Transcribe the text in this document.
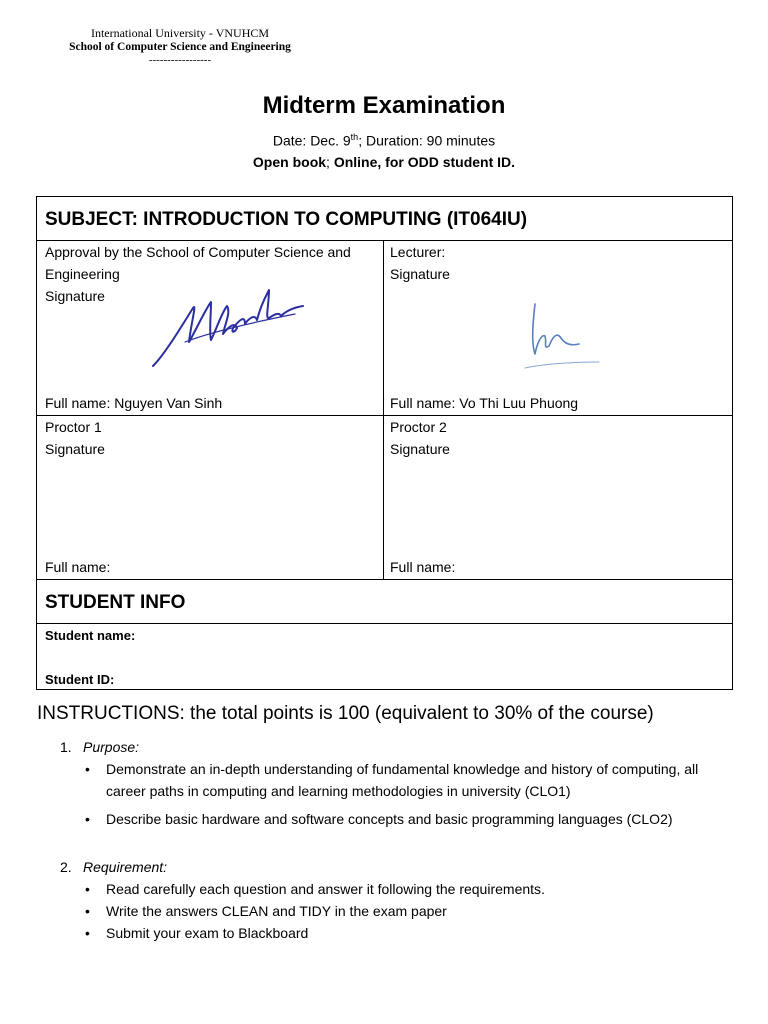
International University - VNUHCM
School of Computer Science and Engineering
-----------------
Midterm Examination
Date: Dec. 9th; Duration: 90 minutes
Open book; Online, for ODD student ID.
SUBJECT: INTRODUCTION TO COMPUTING (IT064IU)
Approval by the School of Computer Science and Engineering
Signature
Full name: Nguyen Van Sinh
Lecturer:
Signature
Full name: Vo Thi Luu Phuong
Proctor 1
Signature
Full name:
Proctor 2
Signature
Full name:
STUDENT INFO
Student name:
Student ID:
INSTRUCTIONS: the total points is 100 (equivalent to 30% of the course)
1. Purpose:
• Demonstrate an in-depth understanding of fundamental knowledge and history of computing, all career paths in computing and learning methodologies in university (CLO1)
• Describe basic hardware and software concepts and basic programming languages (CLO2)
2. Requirement:
• Read carefully each question and answer it following the requirements.
• Write the answers CLEAN and TIDY in the exam paper
• Submit your exam to Blackboard
